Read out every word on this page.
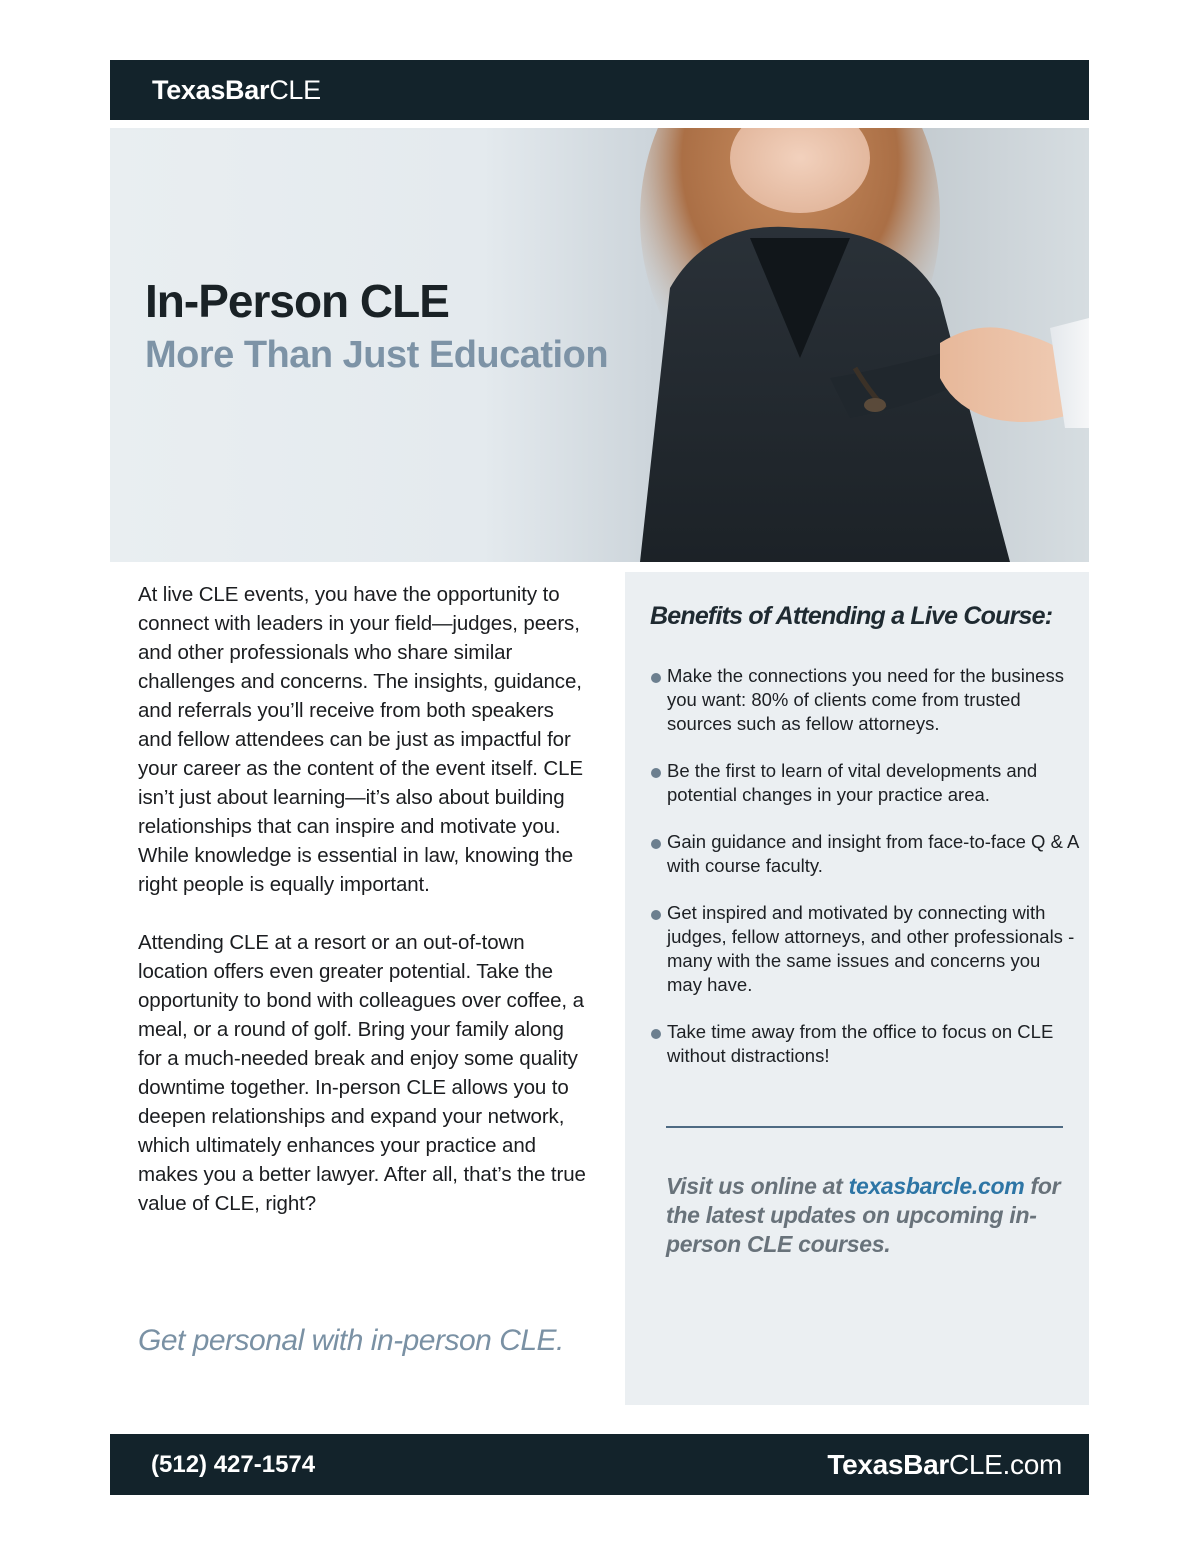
TexasBarCLE
In-Person CLE
More Than Just Education

At live CLE events, you have the opportunity to connect with leaders in your field—judges, peers, and other professionals who share similar challenges and concerns. The insights, guidance, and referrals you’ll receive from both speakers and fellow attendees can be just as impactful for your career as the content of the event itself. CLE isn’t just about learning—it’s also about building relationships that can inspire and motivate you. While knowledge is essential in law, knowing the right people is equally important.

Attending CLE at a resort or an out-of-town location offers even greater potential. Take the opportunity to bond with colleagues over coffee, a meal, or a round of golf. Bring your family along for a much-needed break and enjoy some quality downtime together. In-person CLE allows you to deepen relationships and expand your network, which ultimately enhances your practice and makes you a better lawyer. After all, that’s the true value of CLE, right?

Get personal with in-person CLE.

Benefits of Attending a Live Course:
Make the connections you need for the business you want: 80% of clients come from trusted sources such as fellow attorneys.
Be the first to learn of vital developments and potential changes in your practice area.
Gain guidance and insight from face-to-face Q & A with course faculty.
Get inspired and motivated by connecting with judges, fellow attorneys, and other professionals - many with the same issues and concerns you may have.
Take time away from the office to focus on CLE without distractions!

Visit us online at texasbarcle.com for the latest updates on upcoming in-person CLE courses.

(512) 427-1574	TexasBarCLE.com
